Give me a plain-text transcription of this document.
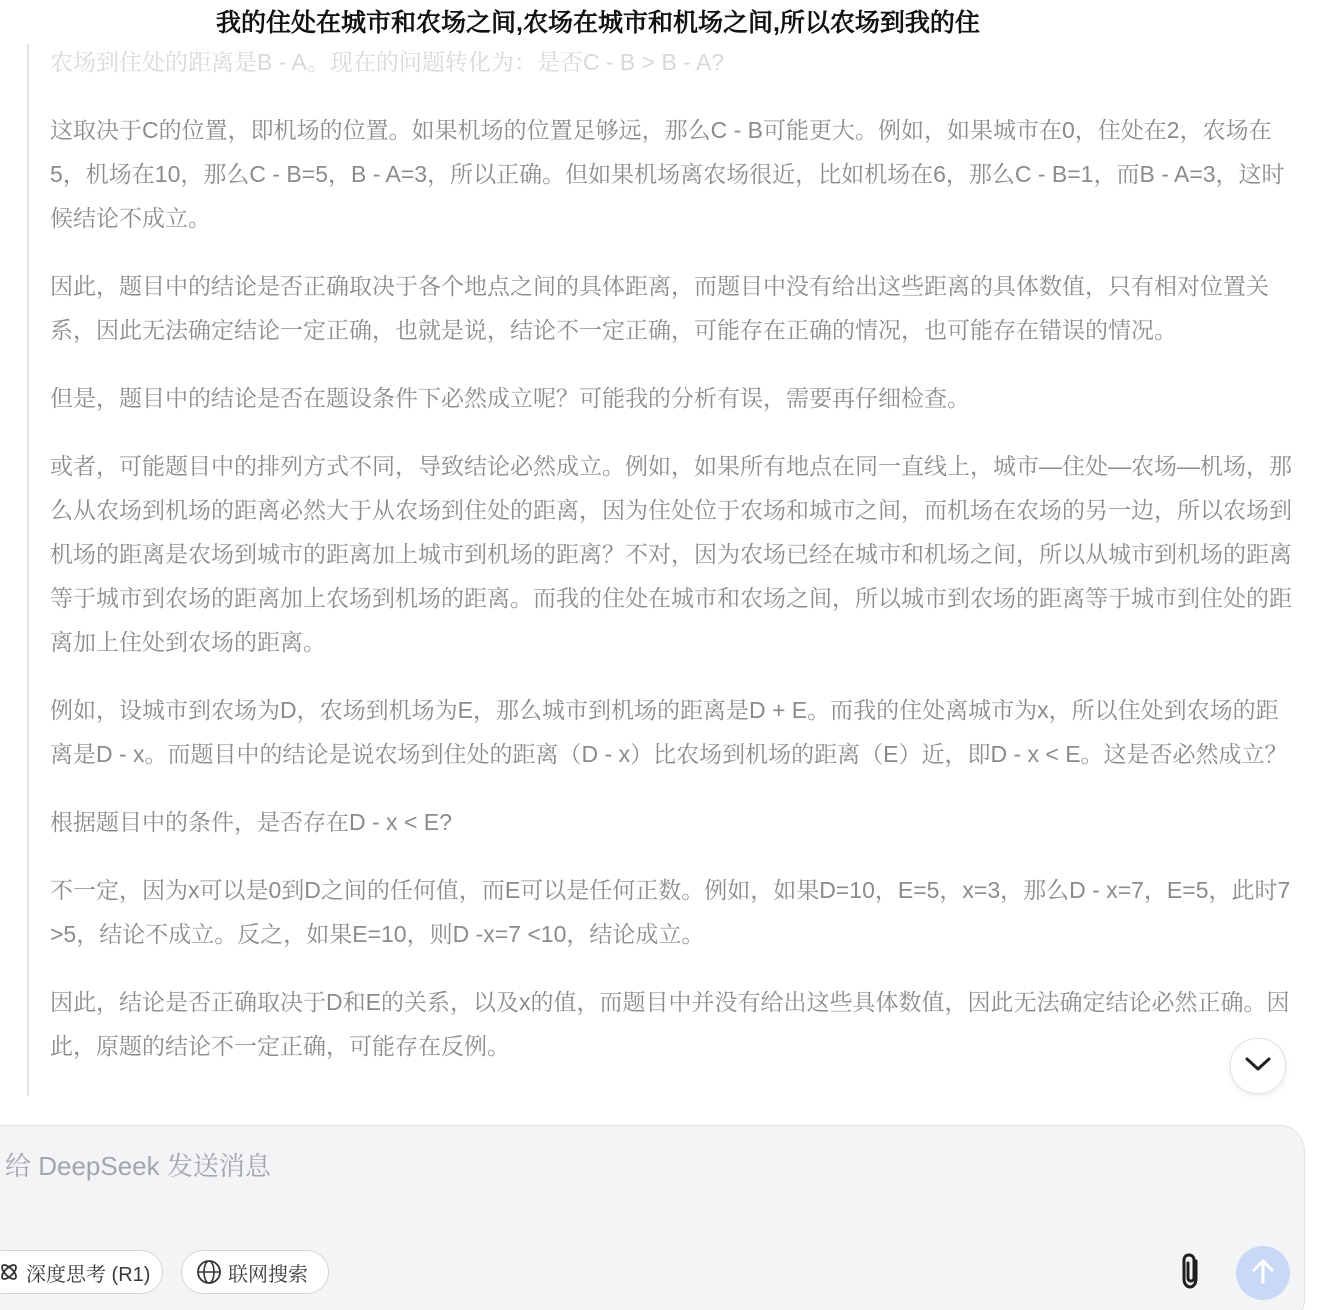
农场到住处的距离是B - A。现在的问题转化为：是否C - B > B - A?

这取决于C的位置，即机场的位置。如果机场的位置足够远，那么C - B可能更大。例如，如果城市在0，住处在2，农场在5，机场在10，那么C - B=5，B - A=3，所以正确。但如果机场离农场很近，比如机场在6，那么C - B=1，而B - A=3，这时候结论不成立。

因此，题目中的结论是否正确取决于各个地点之间的具体距离，而题目中没有给出这些距离的具体数值，只有相对位置关系，因此无法确定结论一定正确，也就是说，结论不一定正确，可能存在正确的情况，也可能存在错误的情况。

但是，题目中的结论是否在题设条件下必然成立呢？可能我的分析有误，需要再仔细检查。

或者，可能题目中的排列方式不同，导致结论必然成立。例如，如果所有地点在同一直线上，城市—住处—农场—机场，那么从农场到机场的距离必然大于从农场到住处的距离，因为住处位于农场和城市之间，而机场在农场的另一边，所以农场到机场的距离是农场到城市的距离加上城市到机场的距离？不对，因为农场已经在城市和机场之间，所以从城市到机场的距离等于城市到农场的距离加上农场到机场的距离。而我的住处在城市和农场之间，所以城市到农场的距离等于城市到住处的距离加上住处到农场的距离。

例如，设城市到农场为D，农场到机场为E，那么城市到机场的距离是D + E。而我的住处离城市为x，所以住处到农场的距离是D - x。而题目中的结论是说农场到住处的距离（D - x）比农场到机场的距离（E）近，即D - x < E。这是否必然成立？

根据题目中的条件，是否存在D - x < E?

不一定，因为x可以是0到D之间的任何值，而E可以是任何正数。例如，如果D=10，E=5，x=3，那么D - x=7，E=5，此时7 >5，结论不成立。反之，如果E=10，则D -x=7 <10，结论成立。

因此，结论是否正确取决于D和E的关系，以及x的值，而题目中并没有给出这些具体数值，因此无法确定结论必然正确。因此，原题的结论不一定正确，可能存在反例。

我的住处在城市和农场之间,农场在城市和机场之间,所以农场到我的住
给 DeepSeek 发送消息
深度思考 (R1)	联网搜索
